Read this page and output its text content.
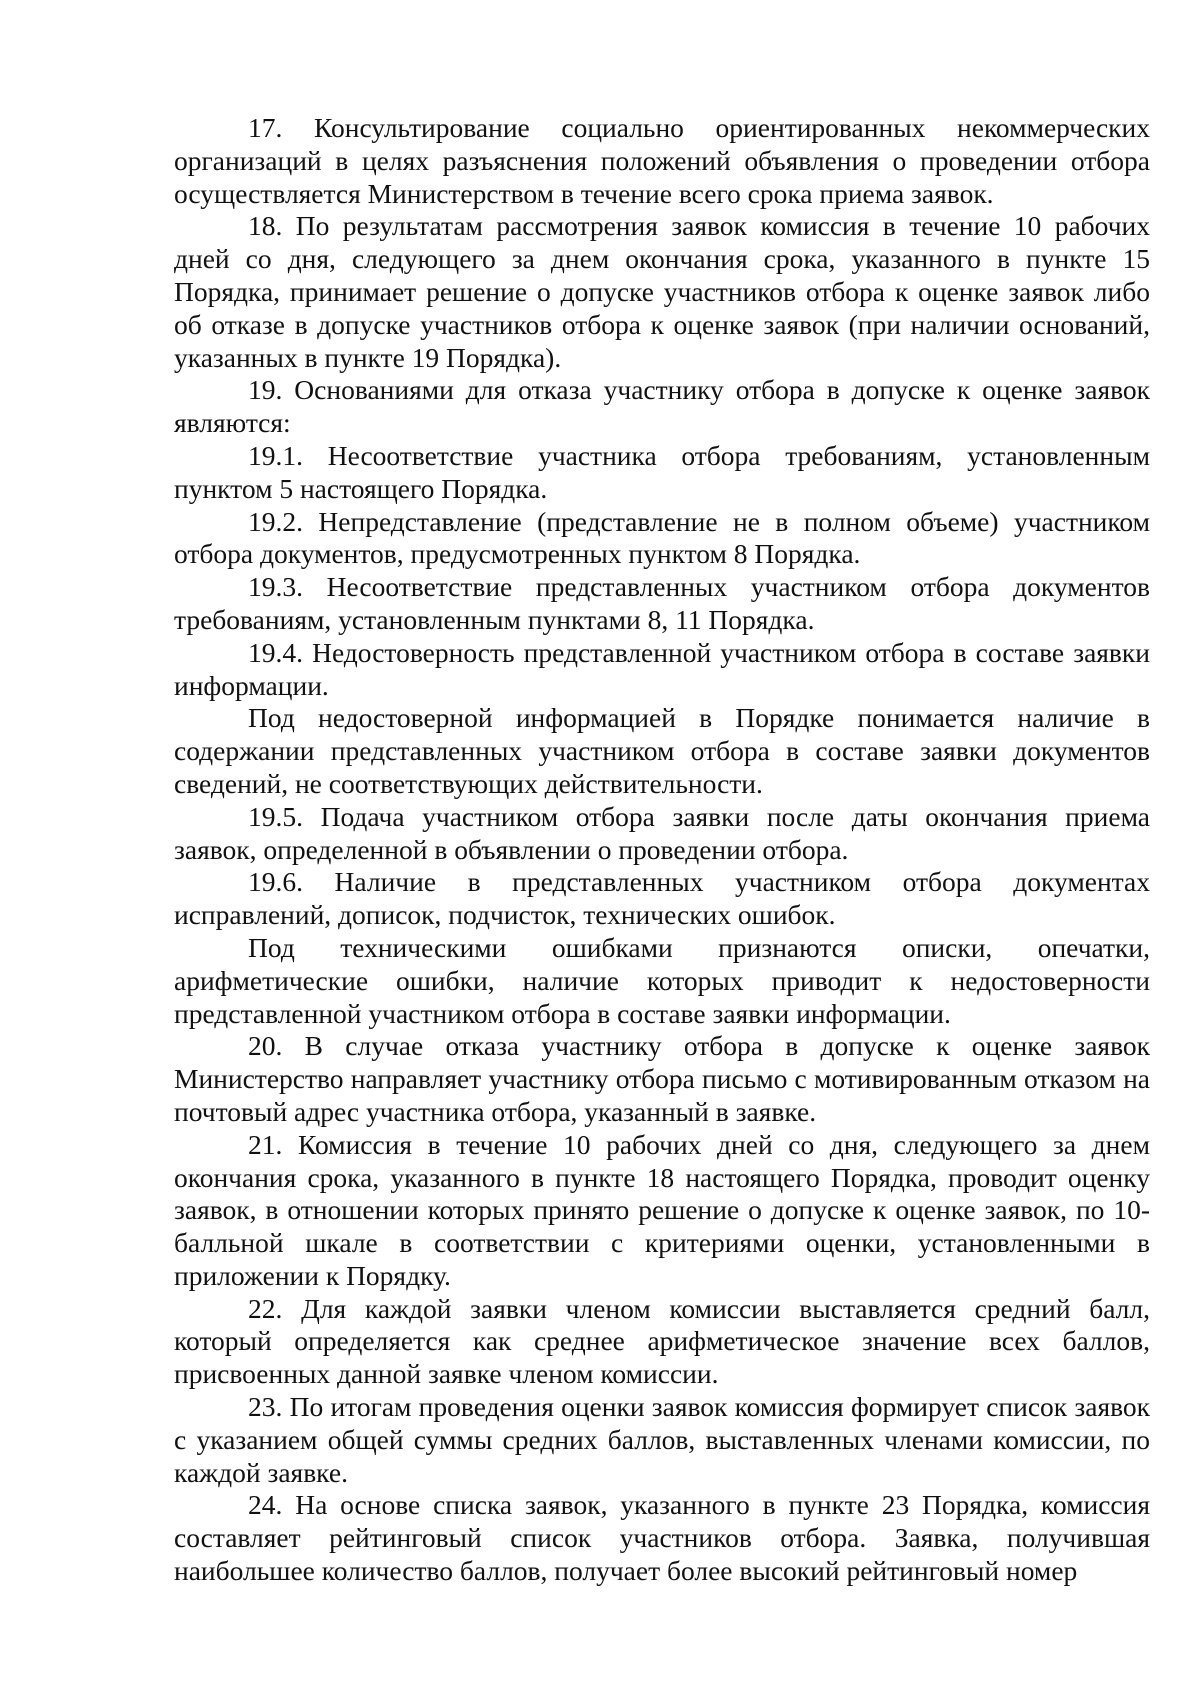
17. Консультирование социально ориентированных некоммерческих организаций в целях разъяснения положений объявления о проведении отбора осуществляется Министерством в течение всего срока приема заявок.

18. По результатам рассмотрения заявок комиссия в течение 10 рабочих дней со дня, следующего за днем окончания срока, указанного в пункте 15 Порядка, принимает решение о допуске участников отбора к оценке заявок либо об отказе в допуске участников отбора к оценке заявок (при наличии оснований, указанных в пункте 19 Порядка).

19. Основаниями для отказа участнику отбора в допуске к оценке заявок являются:

19.1. Несоответствие участника отбора требованиям, установленным пунктом 5 настоящего Порядка.

19.2. Непредставление (представление не в полном объеме) участником отбора документов, предусмотренных пунктом 8 Порядка.

19.3. Несоответствие представленных участником отбора документов требованиям, установленным пунктами 8, 11 Порядка.

19.4. Недостоверность представленной участником отбора в составе заявки информации.

Под недостоверной информацией в Порядке понимается наличие в содержании представленных участником отбора в составе заявки документов сведений, не соответствующих действительности.

19.5. Подача участником отбора заявки после даты окончания приема заявок, определенной в объявлении о проведении отбора.

19.6. Наличие в представленных участником отбора документах исправлений, дописок, подчисток, технических ошибок.

Под техническими ошибками признаются описки, опечатки, арифметические ошибки, наличие которых приводит к недостоверности представленной участником отбора в составе заявки информации.

20. В случае отказа участнику отбора в допуске к оценке заявок Министерство направляет участнику отбора письмо с мотивированным отказом на почтовый адрес участника отбора, указанный в заявке.

21. Комиссия в течение 10 рабочих дней со дня, следующего за днем окончания срока, указанного в пункте 18 настоящего Порядка, проводит оценку заявок, в отношении которых принято решение о допуске к оценке заявок, по 10-балльной шкале в соответствии с критериями оценки, установленными в приложении к Порядку.

22. Для каждой заявки членом комиссии выставляется средний балл, который определяется как среднее арифметическое значение всех баллов, присвоенных данной заявке членом комиссии.

23. По итогам проведения оценки заявок комиссия формирует список заявок с указанием общей суммы средних баллов, выставленных членами комиссии, по каждой заявке.

24. На основе списка заявок, указанного в пункте 23 Порядка, комиссия составляет рейтинговый список участников отбора. Заявка, получившая наибольшее количество баллов, получает более высокий рейтинговый номер
